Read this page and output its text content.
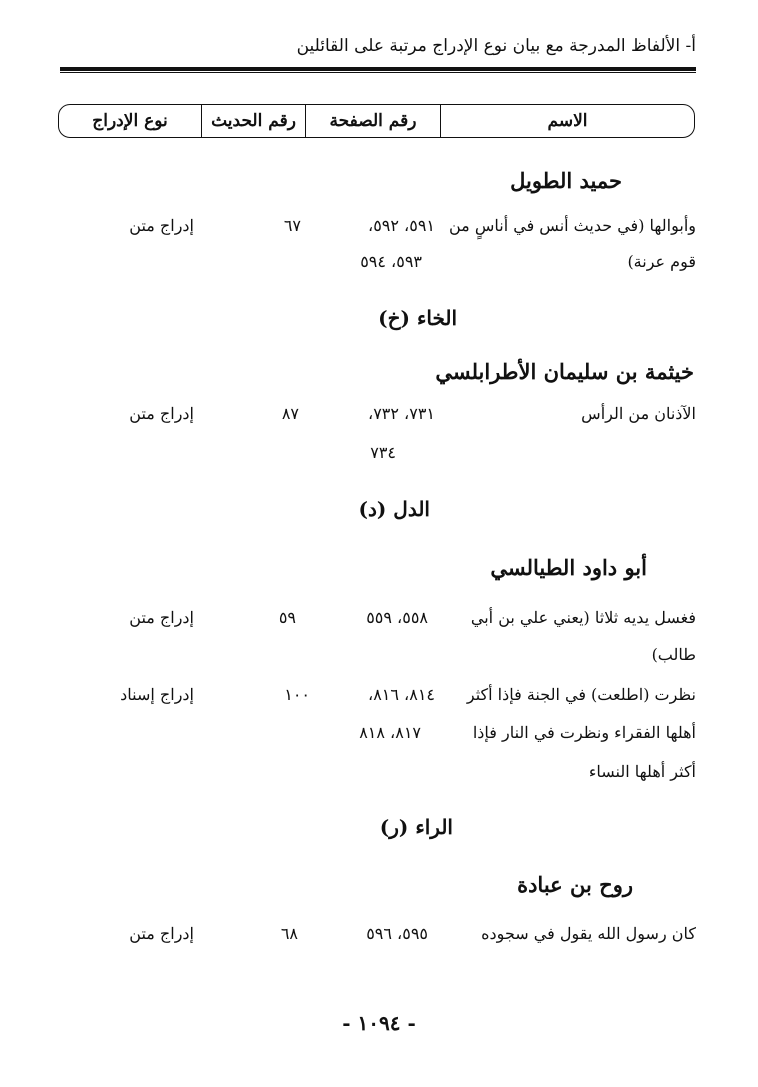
أ- الألفاظ المدرجة مع بيان نوع الإدراج مرتبة على القائلين
الاسم
رقم الصفحة
رقم الحديث
نوع الإدراج
حميد الطويل
وأبوالها (في حديث أنس في أناسٍ من
قوم عرنة)
٥٩١، ٥٩٢،
٥٩٣، ٥٩٤
٦٧
إدراج متن
الخاء (خ)
خيثمة بن سليمان الأطرابلسي
الآذنان من الرأس
٧٣١، ٧٣٢،
٧٣٤
٨٧
إدراج متن
الدل (د)
أبو داود الطيالسي
فغسل يديه ثلاثا (يعني علي بن أبي
طالب)
٥٥٨، ٥٥٩
٥٩
إدراج متن
نظرت (اطلعت) في الجنة فإذا أكثر
أهلها الفقراء ونظرت في النار فإذا
أكثر أهلها النساء
٨١٤، ٨١٦،
٨١٧، ٨١٨
١٠٠
إدراج إسناد
الراء (ر)
روح بن عبادة
كان رسول الله يقول في سجوده
٥٩٥، ٥٩٦
٦٨
إدراج متن
- ١٠٩٤ -
